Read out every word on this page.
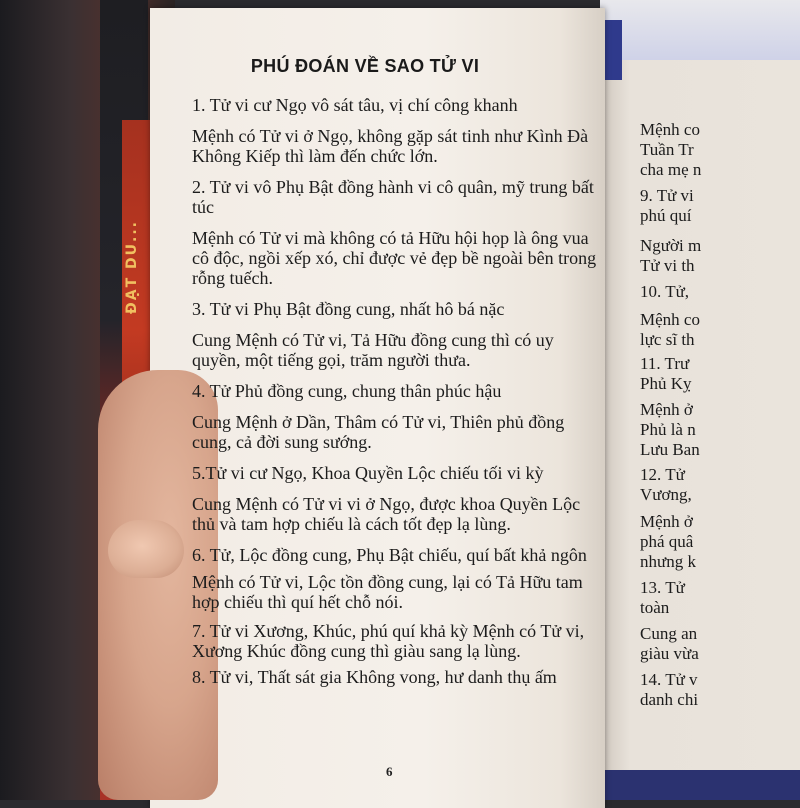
ĐẠT DU...
PHÚ ĐOÁN VỀ SAO TỬ VI
1. Tử vi cư Ngọ vô sát tâu, vị chí công khanh
Mệnh có Tử vi ở Ngọ, không gặp sát tinh như Kình Đà
Không Kiếp thì làm đến chức lớn.
2. Tử vi vô Phụ Bật đồng hành vi cô quân, mỹ trung bất
túc
Mệnh có Tử vi mà không có tả Hữu hội họp là ông vua
cô độc, ngồi xếp xó, chỉ được vẻ đẹp bề ngoài bên trong
rỗng tuếch.
3. Tử vi Phụ Bật đồng cung, nhất hô bá nặc
Cung Mệnh có Tử vi, Tả Hữu đồng cung thì có uy
quyền, một tiếng gọi, trăm người thưa.
4. Tử Phủ đồng cung, chung thân phúc hậu
Cung Mệnh ở Dần, Thâm có Tử vi, Thiên phủ đồng
cung, cả đời sung sướng.
5.Tử vi cư Ngọ, Khoa Quyền Lộc chiếu tối vi kỳ
Cung Mệnh có Tử vi vi ở Ngọ, được khoa Quyền Lộc
thủ và tam hợp chiếu là cách tốt đẹp lạ lùng.
6. Tử, Lộc đồng cung, Phụ Bật chiếu, quí bất khả ngôn
Mệnh có Tử vi, Lộc tồn đồng cung, lại có Tả Hữu tam
hợp chiếu thì quí hết chỗ nói.
7. Tử vi Xương, Khúc, phú quí khả kỳ Mệnh có Tử vi,
Xương Khúc đồng cung thì giàu sang lạ lùng.
8. Tử vi, Thất sát gia Không vong, hư danh thụ ấm
6
Mệnh co
Tuần Tr
cha mẹ n
9. Tử vi
phú quí
Người m
Tử vi th
10. Tử,
Mệnh co
lực sĩ th
11. Trư
Phủ Kỵ
Mệnh ở
Phủ là n
Lưu Ban
12. Tử
Vương,
Mệnh ở
phá quâ
nhưng k
13. Tử
toàn
Cung an
giàu vừa
14. Tử v
danh chi
